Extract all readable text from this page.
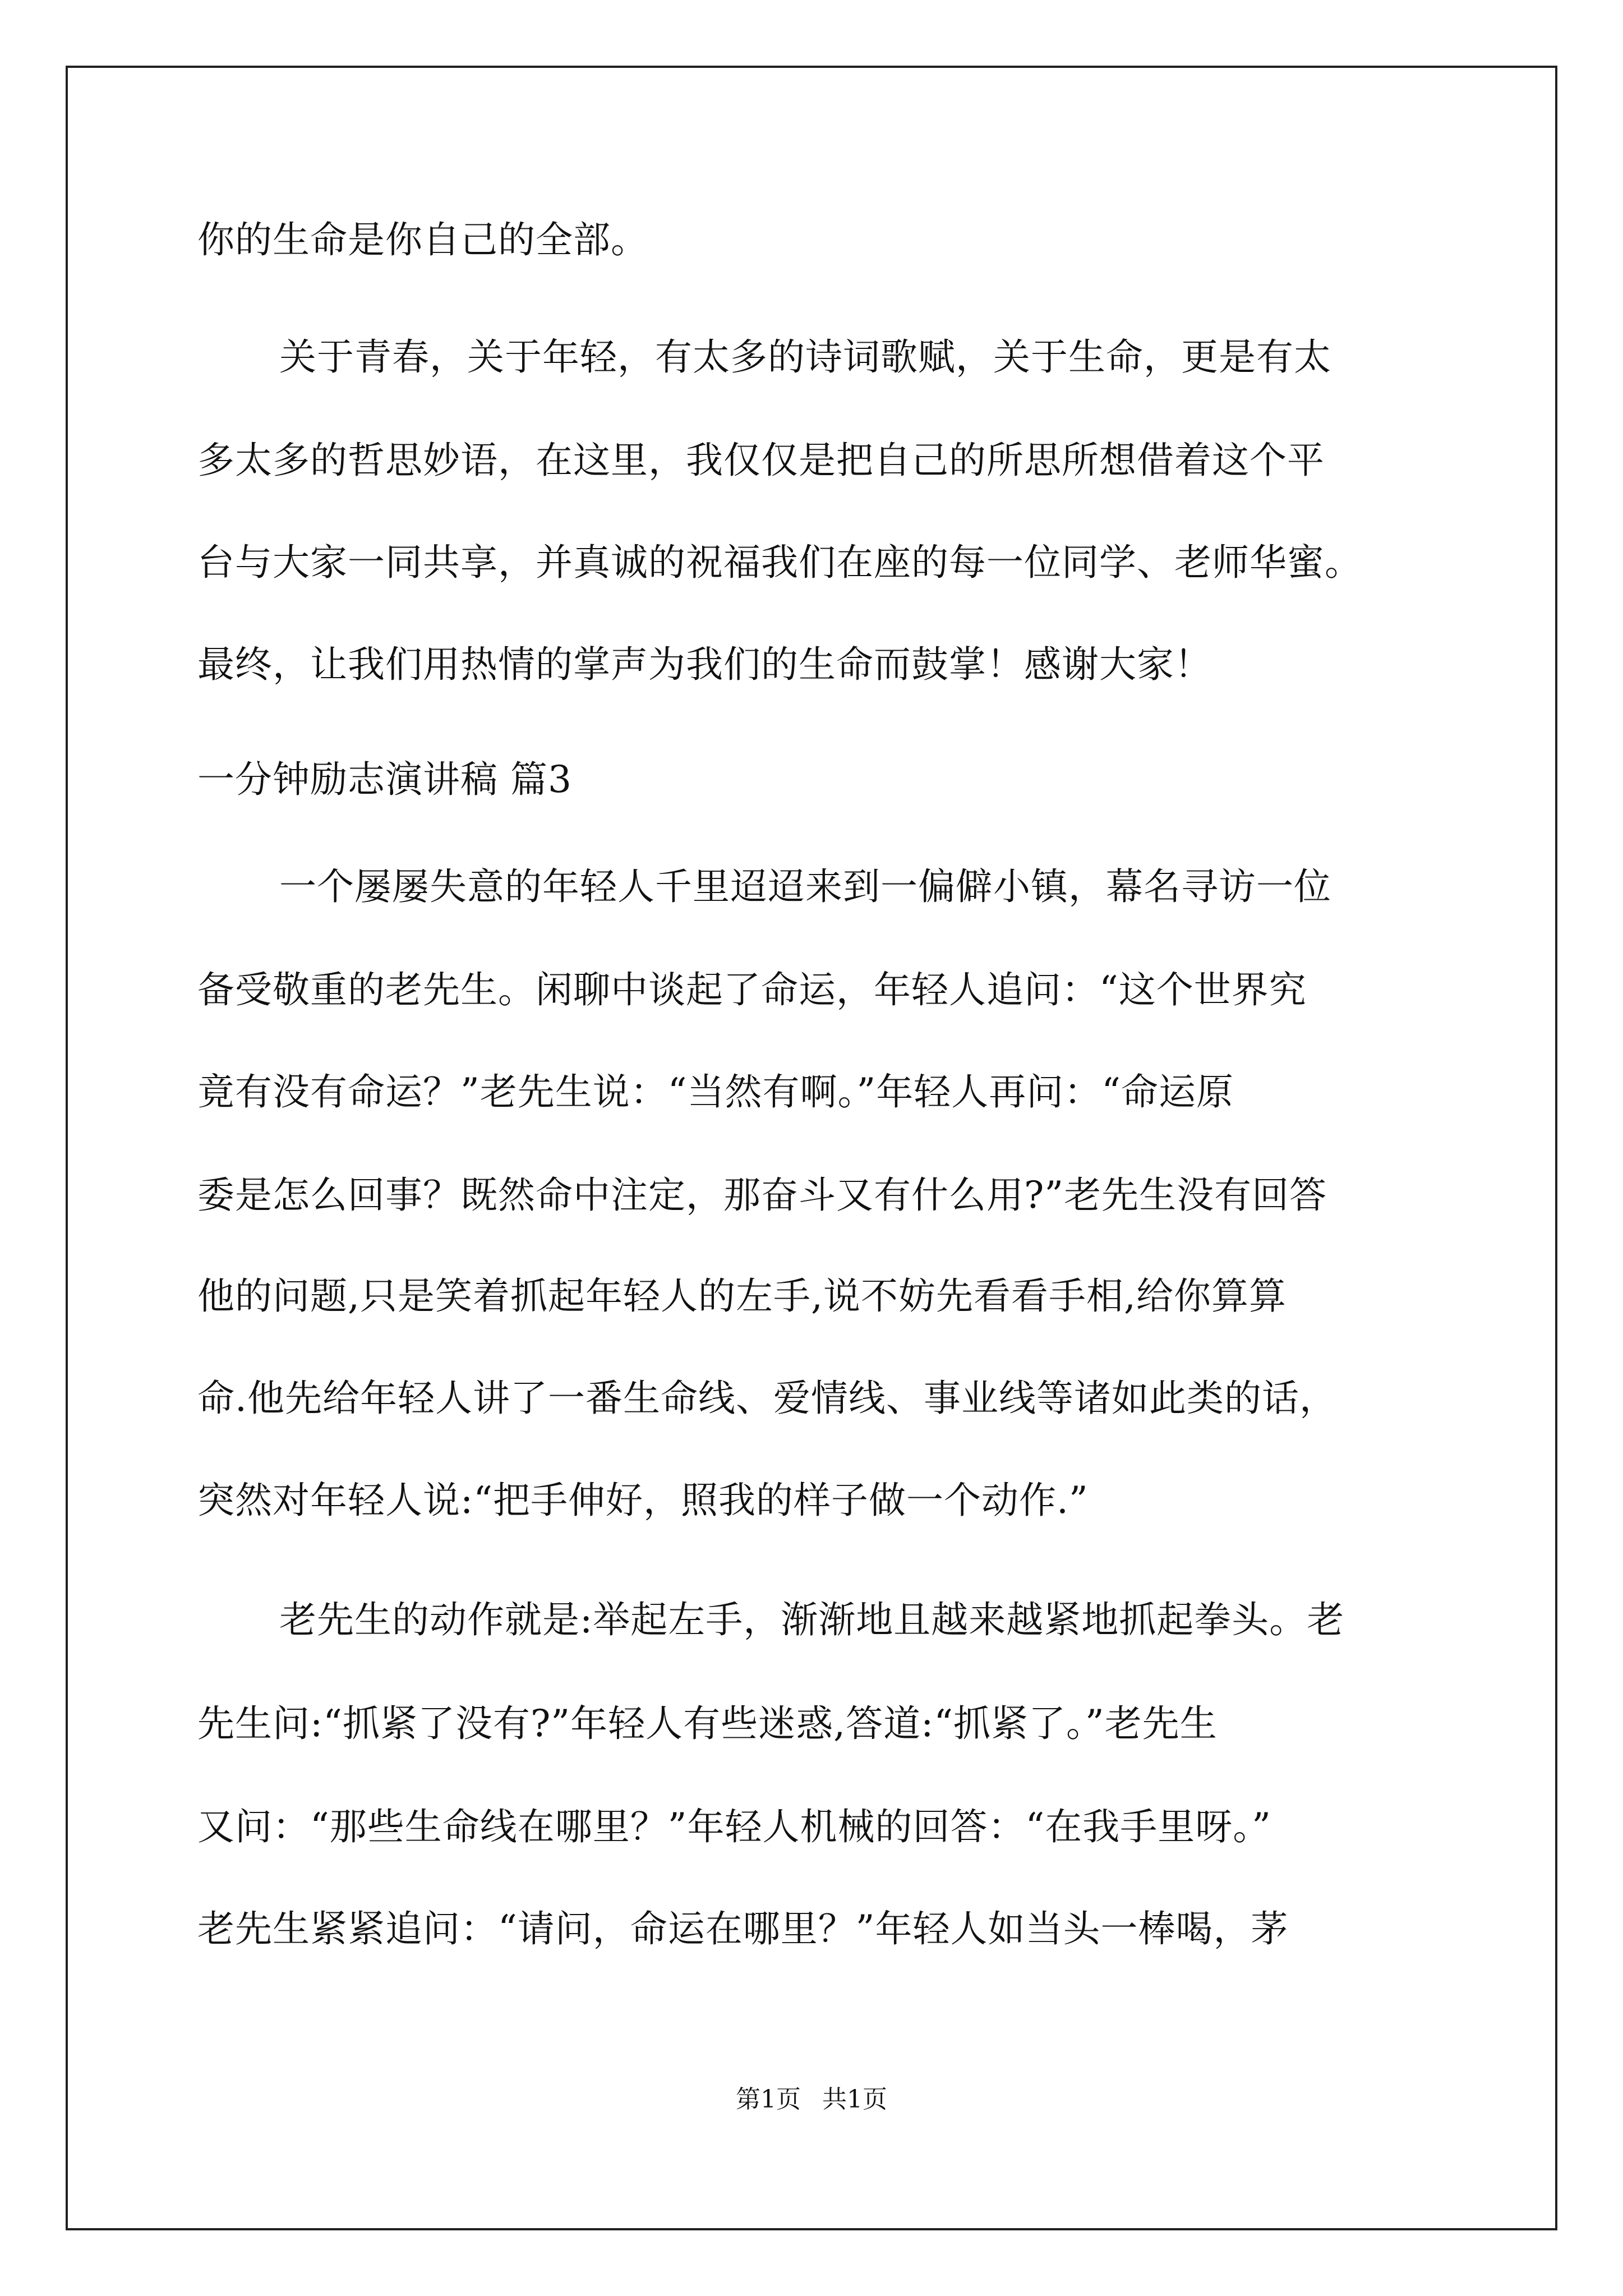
你的生命是你自己的全部。
关于青春，关于年轻，有太多的诗词歌赋，关于生命，更是有太
多太多的哲思妙语，在这里，我仅仅是把自己的所思所想借着这个平
台与大家一同共享，并真诚的祝福我们在座的每一位同学、老师华蜜。
最终，让我们用热情的掌声为我们的生命而鼓掌！感谢大家！
一分钟励志演讲稿 篇3
一个屡屡失意的年轻人千里迢迢来到一偏僻小镇，幕名寻访一位
备受敬重的老先生。闲聊中谈起了命运，年轻人追问：“这个世界究
竟有没有命运？”老先生说：“当然有啊。”年轻人再问：“命运原
委是怎么回事？既然命中注定，那奋斗又有什么用?”老先生没有回答
他的问题,只是笑着抓起年轻人的左手,说不妨先看看手相,给你算算
命.他先给年轻人讲了一番生命线、爱情线、事业线等诸如此类的话，
突然对年轻人说:“把手伸好，照我的样子做一个动作.”
老先生的动作就是:举起左手，渐渐地且越来越紧地抓起拳头。老
先生问:“抓紧了没有?”年轻人有些迷惑,答道:“抓紧了。”老先生
又问：“那些生命线在哪里？”年轻人机械的回答：“在我手里呀。”
老先生紧紧追问：“请问，命运在哪里？”年轻人如当头一棒喝，茅
第1页 共1页
